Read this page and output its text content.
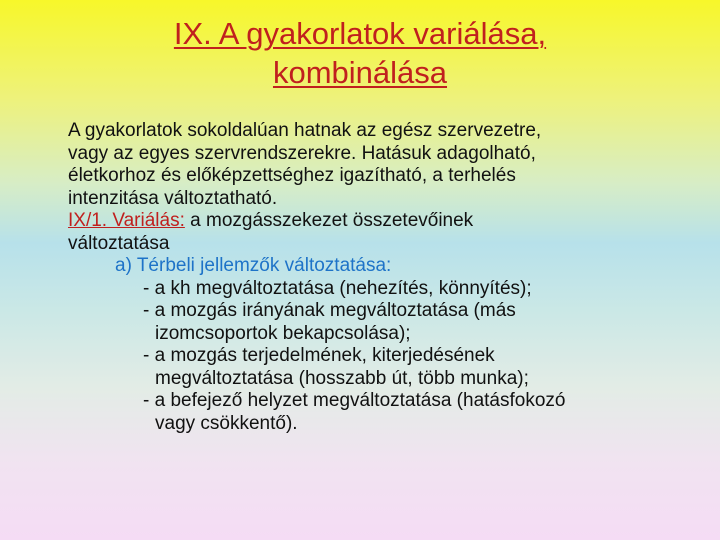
IX. A gyakorlatok variálása,
kombinálása
A gyakorlatok sokoldalúan hatnak az egész szervezetre,
vagy az egyes szervrendszerekre. Hatásuk adagolható,
életkorhoz és előképzettséghez igazítható, a terhelés
intenzitása változtatható.
IX/1. Variálás: a mozgásszekezet összetevőinek
változtatása
a) Térbeli jellemzők változtatása:
- a kh megváltoztatása (nehezítés, könnyítés);
- a mozgás irányának megváltoztatása (más
izomcsoportok bekapcsolása);
- a mozgás terjedelmének, kiterjedésének
megváltoztatása (hosszabb út, több munka);
- a befejező helyzet megváltoztatása (hatásfokozó
vagy csökkentő).
